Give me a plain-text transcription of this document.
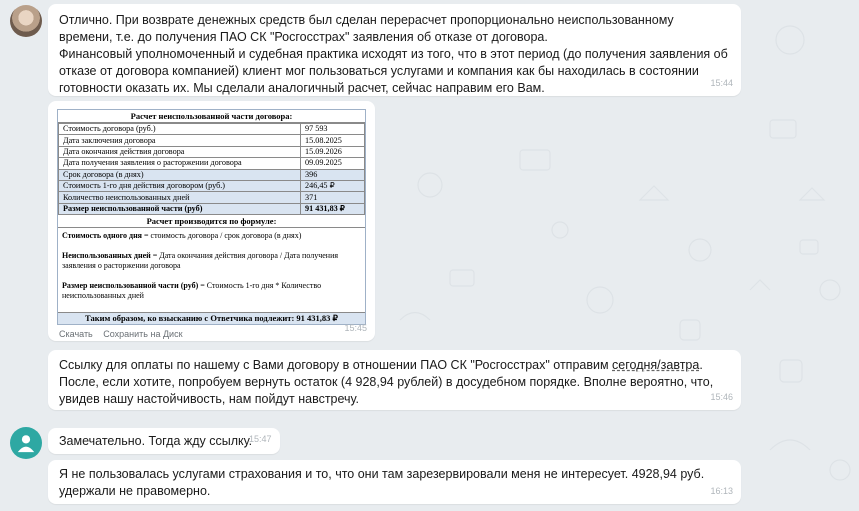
Отлично. При возврате денежных средств был сделан перерасчет пропорционально неиспользованному времени, т.е. до получения ПАО СК "Росгосстрах" заявления об отказе от договора.
Финансовый уполномоченный и судебная практика исходят из того, что в этот период (до получения заявления об отказе от договора компанией) клиент мог пользоваться услугами и компания как бы находилась в состоянии готовности оказать их. Мы сделали аналогичный расчет, сейчас направим его Вам.	15:44
Расчет неиспользованной части договора:
Стоимость договора (руб.)	97 593
Дата заключения договора	15.08.2025
Дата окончания действия договора	15.09.2026
Дата получения заявления о расторжении договора	09.09.2025
Срок договора (в днях)	396
Стоимость 1-го дня действия договором (руб.)	246,45 ₽
Количество неиспользованных дней	371
Размер неиспользованной части (руб)	91 431,83 ₽
Расчет производится по формуле:
Стоимость одного дня = стоимость договора / срок договора (в днях)
Неиспользованных дней = Дата окончания действия договора / Дата получения заявления о расторжении договора
Размер неиспользованной части (руб) = Стоимость 1-го дня * Количество неиспользованных дней
Таким образом, ко взысканию с Ответчика подлежит: 91 431,83 ₽
Скачать Сохранить на Диск
15:45
Ссылку для оплаты по нашему с Вами договору в отношении ПАО СК "Росгосстрах" отправим сегодня/завтра. После, если хотите, попробуем вернуть остаток (4 928,94 рублей) в досудебном порядке. Вполне вероятно, что, увидев нашу настойчивость, нам пойдут навстречу.	15:46
Замечательно. Тогда жду ссылку.
15:47
Я не пользовалась услугами страхования и то, что они там зарезервировали меня не интересует. 4928,94 руб. удержали не правомерно.	16:13
